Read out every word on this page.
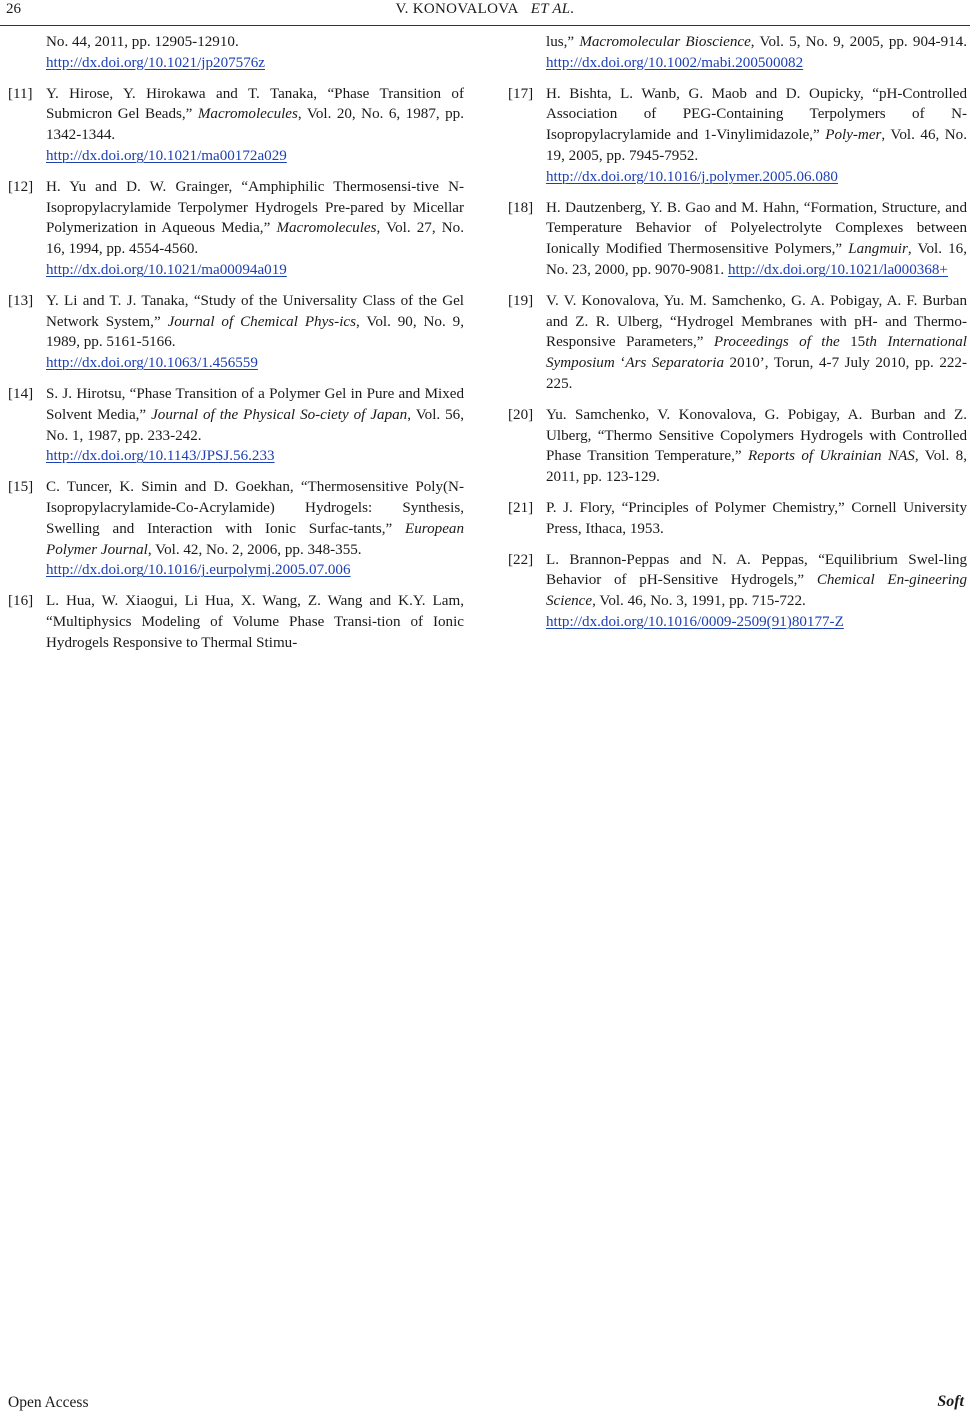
26	V. KONOVALOVA ET AL.
No. 44, 2011, pp. 12905-12910.
http://dx.doi.org/10.1021/jp207576z
[11] Y. Hirose, Y. Hirokawa and T. Tanaka, “Phase Transition of Submicron Gel Beads,” Macromolecules, Vol. 20, No. 6, 1987, pp. 1342-1344.
http://dx.doi.org/10.1021/ma00172a029
[12] H. Yu and D. W. Grainger, “Amphiphilic Thermosensi-tive N-Isopropylacrylamide Terpolymer Hydrogels Pre-pared by Micellar Polymerization in Aqueous Media,” Macromolecules, Vol. 27, No. 16, 1994, pp. 4554-4560.
http://dx.doi.org/10.1021/ma00094a019
[13] Y. Li and T. J. Tanaka, “Study of the Universality Class of the Gel Network System,” Journal of Chemical Phys-ics, Vol. 90, No. 9, 1989, pp. 5161-5166.
http://dx.doi.org/10.1063/1.456559
[14] S. J. Hirotsu, “Phase Transition of a Polymer Gel in Pure and Mixed Solvent Media,” Journal of the Physical So-ciety of Japan, Vol. 56, No. 1, 1987, pp. 233-242.
http://dx.doi.org/10.1143/JPSJ.56.233
[15] C. Tuncer, K. Simin and D. Goekhan, “Thermosensitive Poly(N-Isopropylacrylamide-Co-Acrylamide) Hydrogels: Synthesis, Swelling and Interaction with Ionic Surfac-tants,” European Polymer Journal, Vol. 42, No. 2, 2006, pp. 348-355.
http://dx.doi.org/10.1016/j.eurpolymj.2005.07.006
[16] L. Hua, W. Xiaogui, Li Hua, X. Wang, Z. Wang and K.Y. Lam, “Multiphysics Modeling of Volume Phase Transi-tion of Ionic Hydrogels Responsive to Thermal Stimu-
lus,” Macromolecular Bioscience, Vol. 5, No. 9, 2005, pp. 904-914. http://dx.doi.org/10.1002/mabi.200500082
[17] H. Bishta, L. Wanb, G. Maob and D. Oupicky, “pH-Controlled Association of PEG-Containing Terpolymers of N-Isopropylacrylamide and 1-Vinylimidazole,” Poly-mer, Vol. 46, No. 19, 2005, pp. 7945-7952.
http://dx.doi.org/10.1016/j.polymer.2005.06.080
[18] H. Dautzenberg, Y. B. Gao and M. Hahn, “Formation, Structure, and Temperature Behavior of Polyelectrolyte Complexes between Ionically Modified Thermosensitive Polymers,” Langmuir, Vol. 16, No. 23, 2000, pp. 9070-9081. http://dx.doi.org/10.1021/la000368+
[19] V. V. Konovalova, Yu. M. Samchenko, G. A. Pobigay, A. F. Burban and Z. R. Ulberg, “Hydrogel Membranes with pH- and Thermo-Responsive Parameters,” Proceedings of the 15th International Symposium ‘Ars Separatoria 2010’, Torun, 4-7 July 2010, pp. 222-225.
[20] Yu. Samchenko, V. Konovalova, G. Pobigay, A. Burban and Z. Ulberg, “Thermo Sensitive Copolymers Hydrogels with Controlled Phase Transition Temperature,” Reports of Ukrainian NAS, Vol. 8, 2011, pp. 123-129.
[21] P. J. Flory, “Principles of Polymer Chemistry,” Cornell University Press, Ithaca, 1953.
[22] L. Brannon-Peppas and N. A. Peppas, “Equilibrium Swel-ling Behavior of pH-Sensitive Hydrogels,” Chemical En-gineering Science, Vol. 46, No. 3, 1991, pp. 715-722.
http://dx.doi.org/10.1016/0009-2509(91)80177-Z
Open Access	Soft
